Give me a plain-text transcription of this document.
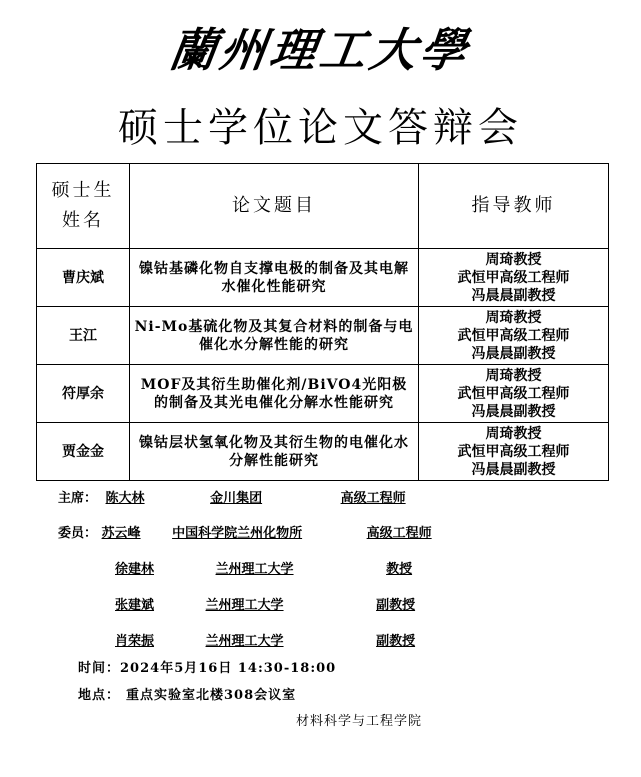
蘭州理工大學
硕士学位论文答辩会
硕士生
姓名	论文题目	指导教师
曹庆斌	镍钴基磷化物自支撑电极的制备及其电解水催化性能研究	周琦教授
武恒甲高级工程师
冯晨晨副教授

王江	Ni-Mo基硫化物及其复合材料的制备与电催化水分解性能的研究	周琦教授
武恒甲高级工程师
冯晨晨副教授

符厚余	MOF及其衍生助催化剂/BiVO4光阳极的制备及其光电催化分解水性能研究	周琦教授
武恒甲高级工程师
冯晨晨副教授

贾金金	镍钴层状氢氧化物及其衍生物的电催化水分解性能研究	周琦教授
武恒甲高级工程师
冯晨晨副教授
主席： 陈大林	金川集团	高级工程师
委员： 苏云峰 中国科学院兰州化物所	高级工程师
徐建林	兰州理工大学	教授
张建斌	兰州理工大学	副教授
肖荣振	兰州理工大学	副教授
时间：2024年5月16日 14:30-18:00
地点： 重点实验室北楼308会议室
材料科学与工程学院
